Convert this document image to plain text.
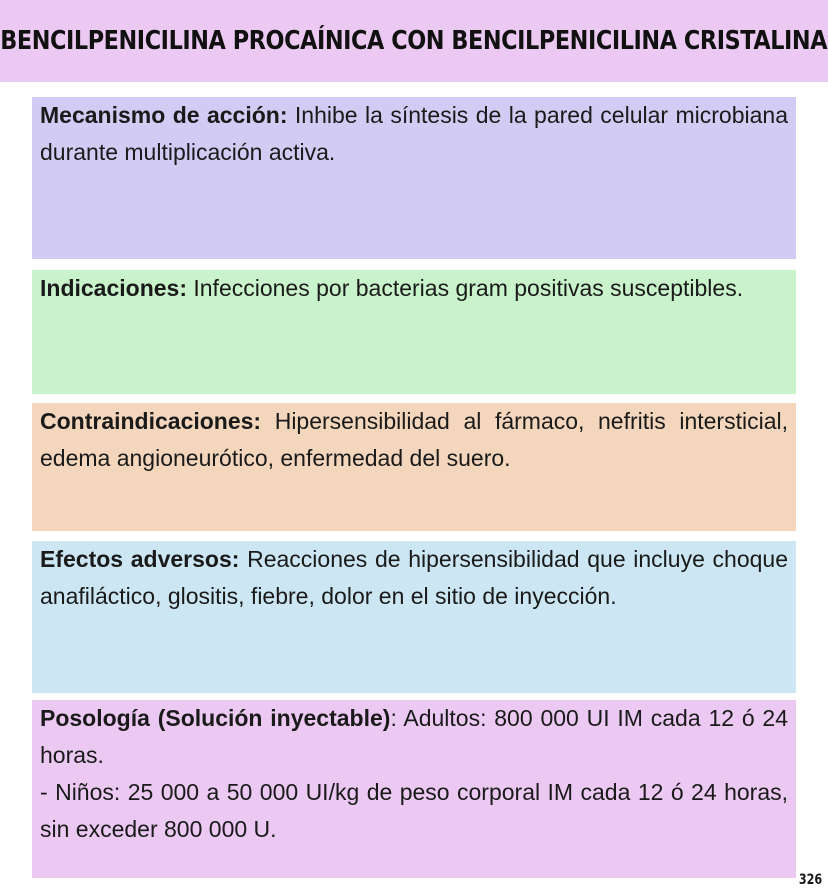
BENCILPENICILINA PROCAÍNICA CON BENCILPENICILINA CRISTALINA

Mecanismo de acción: Inhibe la síntesis de la pared celular microbiana durante multiplicación activa.

Indicaciones: Infecciones por bacterias gram positivas susceptibles.

Contraindicaciones: Hipersensibilidad al fármaco, nefritis intersticial, edema angioneurótico, enfermedad del suero.

Efectos adversos: Reacciones de hipersensibilidad que incluye choque anafiláctico, glositis, fiebre, dolor en el sitio de inyección.

Posología (Solución inyectable): Adultos: 800 000 UI IM cada 12 ó 24 horas.

- Niños: 25 000 a 50 000 UI/kg de peso corporal IM cada 12 ó 24 horas, sin exceder 800 000 U.

326
